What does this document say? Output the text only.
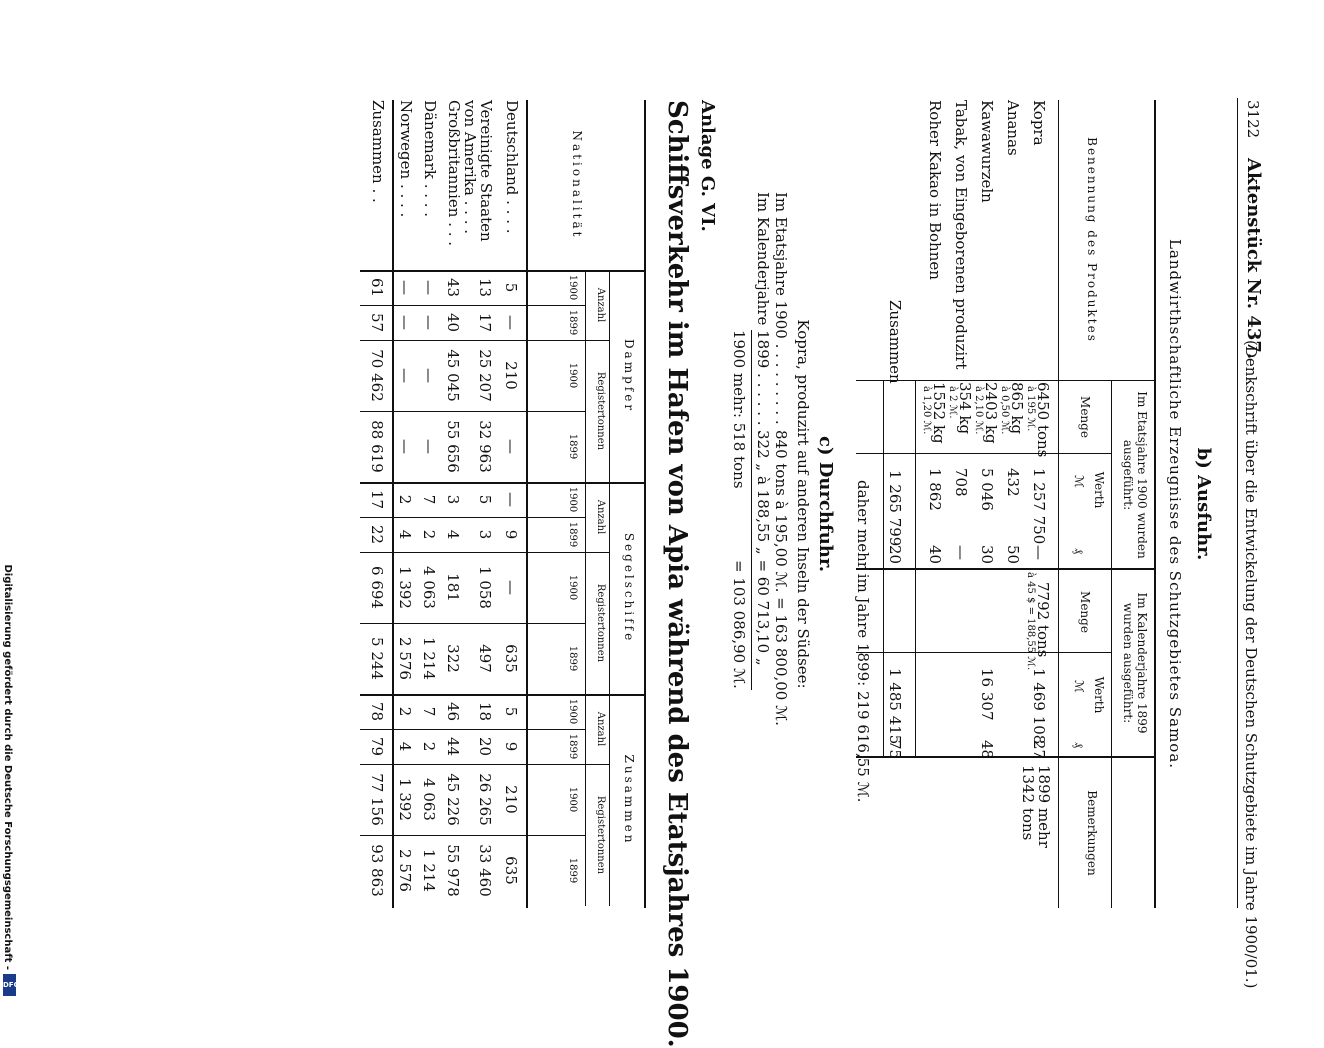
3122
Aktenstück Nr. 437.
(Denkschrift über die Entwickelung der Deutschen Schutzgebiete im Jahre 1900/01.)
b) Ausfuhr.
Landwirthschaftliche Erzeugnisse des Schutzgebietes Samoa.
Benennung des Produktes
Im Etatsjahre 1900 wurden ausgeführt:
Menge
Werth
ℳ
₰
Im Kalenderjahre 1899 wurden ausgeführt:
Menge
Werth
ℳ
₰
Bemerkungen
Kopra
6450 tons
à 195 ℳ.
1 257 750
—
7792 tons
à 45 $ = 188,55 ℳ.
1 469 108
27
1899 mehr 1342 tons
Ananas
865 kg
à 0,50 ℳ.
432
50
Kawawurzeln
2403 kg
à 2,10 ℳ.
5 046
30
16 307
48
Tabak, von Eingeborenen produzirt
354 kg
à 2 ℳ.
708
—
Roher Kakao in Bohnen
1552 kg
à 1,20 ℳ.
1 862
40
Zusammen
1 265 799
20
1 485 415
75
daher mehr im Jahre 1899: 219 616,55 ℳ.
c) Durchfuhr.
Kopra, produzirt auf anderen Inseln der Südsee:
Im Etatsjahre 1900 . . . . . . . . .
840 tons à 195,00 ℳ. = 163 800,00 ℳ.
Im Kalenderjahre 1899 . . . . . . .
322 „ à 188,55 „ = 60 713,10 „
1900 mehr: 518 tons
= 103 086,90 ℳ.
Anlage G. VI.
Schiffsverkehr im Hafen von Apia während des Etatsjahres 1900.
Nationalität
Dampfer
Anzahl
Registertonnen
1900
1899
1900
1899
Segelschiffe
Anzahl
Registertonnen
1900
1899
1900
1899
Zusammen
Anzahl
Registertonnen
1900
1899
1900
1899
Deutschland . . . .
5
—
210
—
—
9
—
635
5
9
210
635
Vereinigte Staaten von Amerika . . . .
13
17
25 207
32 963
5
3
1 058
497
18
20
26 265
33 460
Großbritannien . . .
43
40
45 045
55 656
3
4
181
322
46
44
45 226
55 978
Dänemark . . . .
—
—
—
—
7
2
4 063
1 214
7
2
4 063
1 214
Norwegen . . . .
—
—
—
—
2
4
1 392
2 576
2
4
1 392
2 576
Zusammen . .
61
57
70 462
88 619
17
22
6 694
5 244
78
79
77 156
93 863
Digitalisierung gefördert durch die Deutsche Forschungsgemeinschaft -
DFG
